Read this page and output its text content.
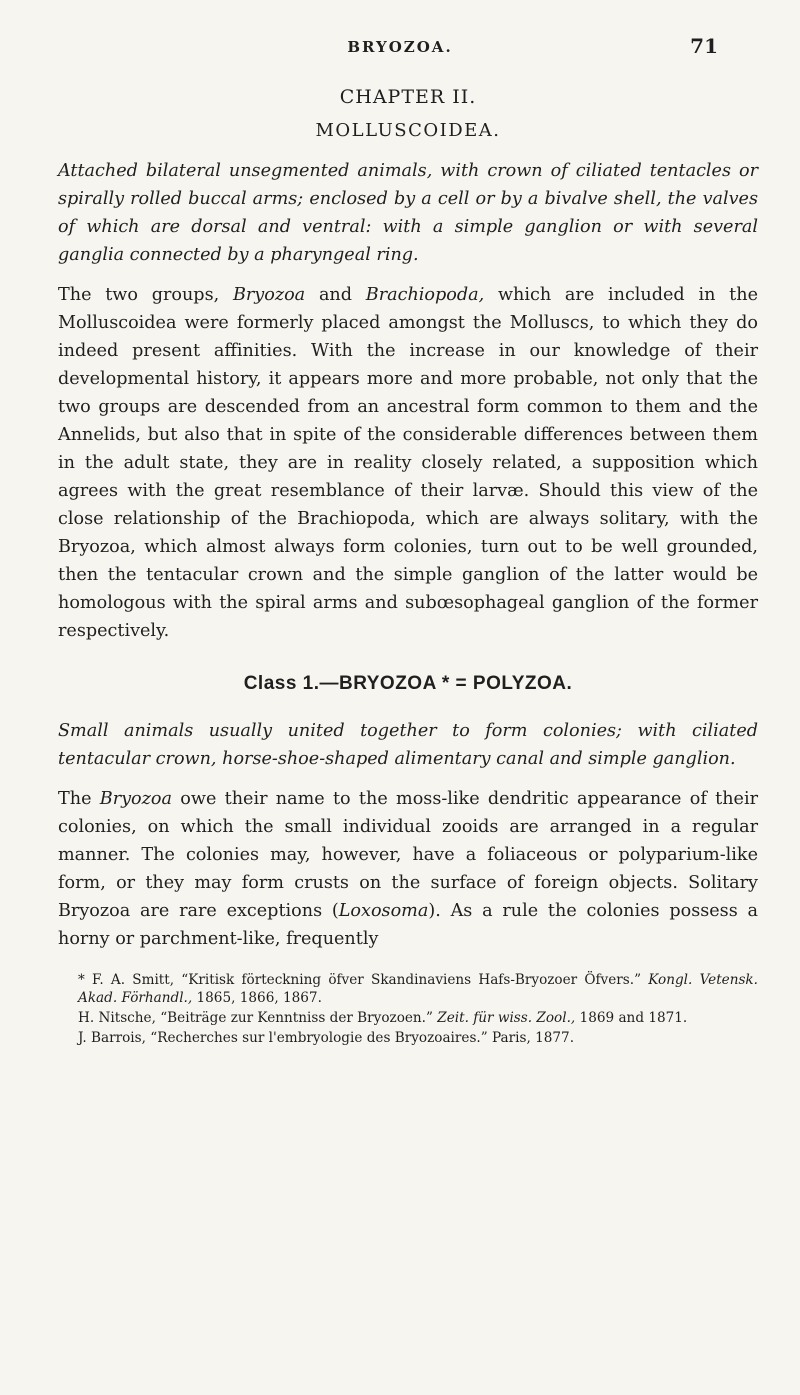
BRYOZOA.	71
CHAPTER II.
MOLLUSCOIDEA.

Attached bilateral unsegmented animals, with crown of ciliated tentacles or spirally rolled buccal arms; enclosed by a cell or by a bivalve shell, the valves of which are dorsal and ventral: with a simple ganglion or with several ganglia connected by a pharyngeal ring.

The two groups, Bryozoa and Brachiopoda, which are included in the Molluscoidea were formerly placed amongst the Molluscs, to which they do indeed present affinities. With the increase in our knowledge of their developmental history, it appears more and more probable, not only that the two groups are descended from an ancestral form common to them and the Annelids, but also that in spite of the considerable differences between them in the adult state, they are in reality closely related, a supposition which agrees with the great resemblance of their larvæ. Should this view of the close relationship of the Brachiopoda, which are always solitary, with the Bryozoa, which almost always form colonies, turn out to be well grounded, then the tentacular crown and the simple ganglion of the latter would be homologous with the spiral arms and subœsophageal ganglion of the former respectively.

Class 1.—BRYOZOA * = POLYZOA.

Small animals usually united together to form colonies; with ciliated tentacular crown, horse-shoe-shaped alimentary canal and simple ganglion.

The Bryozoa owe their name to the moss-like dendritic appearance of their colonies, on which the small individual zooids are arranged in a regular manner. The colonies may, however, have a foliaceous or polyparium-like form, or they may form crusts on the surface of foreign objects. Solitary Bryozoa are rare exceptions (Loxosoma). As a rule the colonies possess a horny or parchment-like, frequently

* F. A. Smitt, “Kritisk förteckning öfver Skandinaviens Hafs-Bryozoer Öfvers.” Kongl. Vetensk. Akad. Förhandl., 1865, 1866, 1867.

H. Nitsche, “Beiträge zur Kenntniss der Bryozoen.” Zeit. für wiss. Zool., 1869 and 1871.

J. Barrois, “Recherches sur l'embryologie des Bryozoaires.” Paris, 1877.
